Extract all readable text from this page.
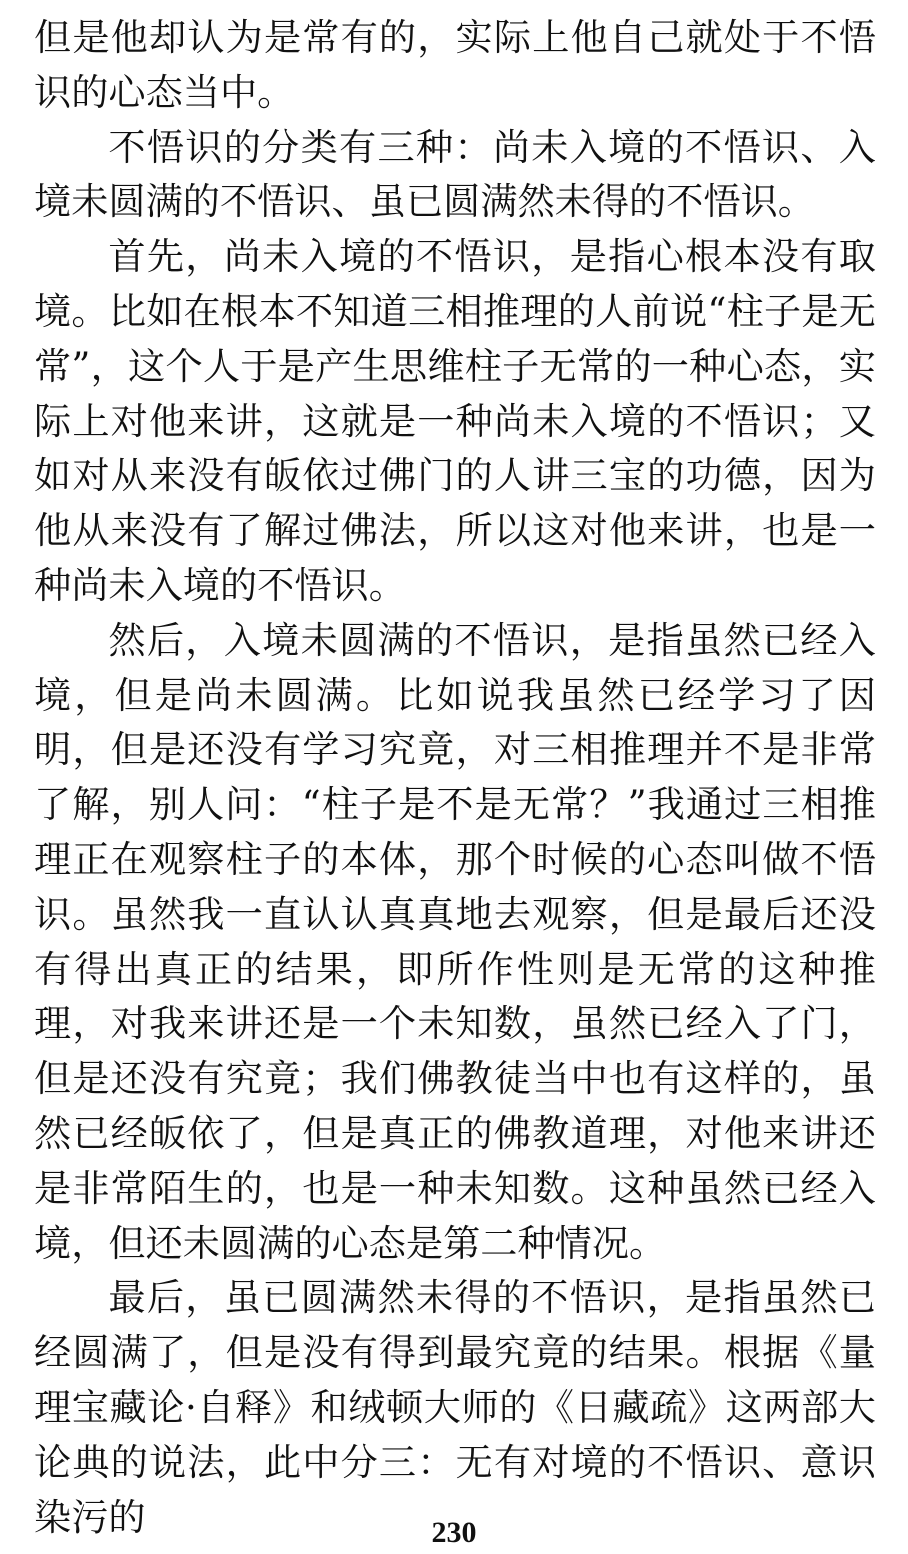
但是他却认为是常有的，实际上他自己就处于不悟识的心态当中。

不悟识的分类有三种：尚未入境的不悟识、入境未圆满的不悟识、虽已圆满然未得的不悟识。

首先，尚未入境的不悟识，是指心根本没有取境。比如在根本不知道三相推理的人前说“柱子是无常”，这个人于是产生思维柱子无常的一种心态，实际上对他来讲，这就是一种尚未入境的不悟识；又如对从来没有皈依过佛门的人讲三宝的功德，因为他从来没有了解过佛法，所以这对他来讲，也是一种尚未入境的不悟识。

然后，入境未圆满的不悟识，是指虽然已经入境，但是尚未圆满。比如说我虽然已经学习了因明，但是还没有学习究竟，对三相推理并不是非常了解，别人问：“柱子是不是无常？”我通过三相推理正在观察柱子的本体，那个时候的心态叫做不悟识。虽然我一直认认真真地去观察，但是最后还没有得出真正的结果，即所作性则是无常的这种推理，对我来讲还是一个未知数，虽然已经入了门，但是还没有究竟；我们佛教徒当中也有这样的，虽然已经皈依了，但是真正的佛教道理，对他来讲还是非常陌生的，也是一种未知数。这种虽然已经入境，但还未圆满的心态是第二种情况。

最后，虽已圆满然未得的不悟识，是指虽然已经圆满了，但是没有得到最究竟的结果。根据《量理宝藏论·自释》和绒顿大师的《日藏疏》这两部大论典的说法，此中分三：无有对境的不悟识、意识染污的	230
